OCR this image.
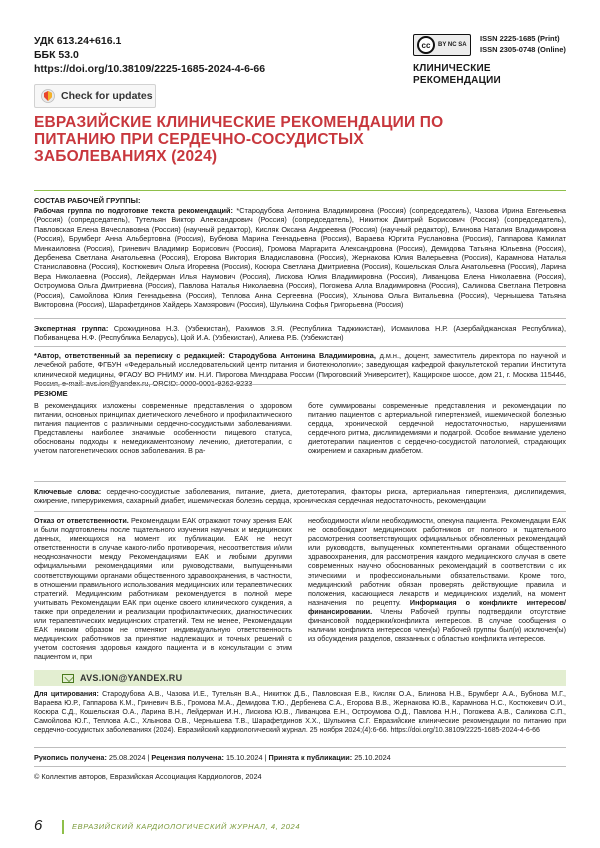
УДК 613.24+616.1
ББК 53.0
https://doi.org/10.38109/2225-1685-2024-4-6-66
Check for updates
cc	BY NC SA
ISSN 2225-1685 (Print)
ISSN 2305-0748 (Online)
КЛИНИЧЕСКИЕ
РЕКОМЕНДАЦИИ
ЕВРАЗИЙСКИЕ КЛИНИЧЕСКИЕ РЕКОМЕНДАЦИИ ПО ПИТАНИЮ ПРИ СЕРДЕЧНО-СОСУДИСТЫХ ЗАБОЛЕВАНИЯХ (2024)
СОСТАВ РАБОЧЕЙ ГРУППЫ:
Рабочая группа по подготовке текста рекомендаций: *Стародубова Антонина Владимировна (Россия) (сопредседатель), Чазова Ирина Евгеньевна (Россия) (сопредседатель), Тутельян Виктор Александрович (Россия) (сопредседатель), Никитюк Дмитрий Борисович (Россия) (сопредседатель), Павловская Елена Вячеславовна (Россия) (научный редактор), Кисляк Оксана Андреевна (Россия) (научный редактор), Блинова Наталия Владимировна (Россия), Брумберг Анна Альбертовна (Россия), Бубнова Марина Геннадьевна (Россия), Вараева Юргита Руслановна (Россия), Гаппарова Камилат Минкаиловна (Россия), Гриневич Владимир Борисович (Россия), Громова Маргарита Александровна (Россия), Демидова Татьяна Юльевна (Россия), Дербенева Светлана Анатольевна (Россия), Егорова Виктория Владиславовна (Россия), Жернакова Юлия Валерьевна (Россия), Карамнова Наталья Станиславовна (Россия), Костюкевич Ольга Игоревна (Россия), Косюра Светлана Дмитриевна (Россия), Кошельская Ольга Анатольевна (Россия), Ларина Вера Николаевна (Россия), Лейдерман Илья Наумович (Россия), Лискова Юлия Владимировна (Россия), Ливанцова Елена Николаевна (Россия), Остроумова Ольга Дмитриевна (Россия), Павлова Наталья Николаевна (Россия), Погожева Алла Владимировна (Россия), Саликова Светлана Петровна (Россия), Самойлова Юлия Геннадьевна (Россия), Теплова Анна Сергеевна (Россия), Хлынова Ольга Витальевна (Россия), Чернышева Татьяна Викторовна (Россия), Шарафетдинов Хайдерь Хамзярович (Россия), Шулькина Софья Григорьевна (Россия)
Экспертная группа: Срожидинова Н.З. (Узбекистан), Рахимов З.Я. (Республика Таджикистан), Исмаилова Н.Р. (Азербайджанская Республика), Побиванцева Н.Ф. (Республика Беларусь), Цой И.А. (Узбекистан), Алиева Р.Б. (Узбекистан)
*Автор, ответственный за переписку с редакцией: Стародубова Антонина Владимировна, д.м.н., доцент, заместитель директора по научной и лечебной работе, ФГБУН «Федеральный исследовательский центр питания и биотехнологии»; заведующая кафедрой факультетской терапии Института клинической медицины, ФГАОУ ВО РНИМУ им. Н.И. Пирогова Минздрава России (Пироговский Университет), Кащирское шоссе, дом 21, г. Москва 115446, Россия, e-mail: avs.ion@yandex.ru, ORCID: 0000-0001-9262-9233
РЕЗЮМЕ
В рекомендациях изложены современные представления о здоровом питании, основных принципах диетического лечебного и профилактического питания пациентов с различными сердечно-сосудистыми заболеваниями. Представлены наиболее значимые особенности пищевого статуса, обоснованы подходы к немедикаментозному лечению, диетотерапии, с учетом патогенетических основ заболевания. В ра-
боте суммированы современные представления и рекомендации по питанию пациентов с артериальной гипертензией, ишемической болезнью сердца, хронической сердечной недостаточностью, нарушениями сердечного ритма, дислипидемиями и подагрой. Особое внимание уделено диетотерапии пациентов с сердечно-сосудистой патологией, страдающих ожирением и сахарным диабетом.
Ключевые слова: сердечно-сосудистые заболевания, питание, диета, диетотерапия, факторы риска, артериальная гипертензия, дислипидемия, ожирение, гиперурикемия, сахарный диабет, ишемическая болезнь сердца, хроническая сердечная недостаточность, рекомендации
Отказ от ответственности. Рекомендации ЕАК отражают точку зрения ЕАК и были подготовлены после тщательного изучения научных и медицинских данных, имеющихся на момент их публикации. ЕАК не несут ответственности в случае какого-либо противоречия, несоответствия и/или неоднозначности между Рекомендациями ЕАК и любыми другими официальными рекомендациями или руководствами, выпущенными соответствующими органами общественного здравоохранения, в частности, в отношении правильного использования медицинских или терапевтических стратегий. Медицинским работникам рекомендуется в полной мере учитывать Рекомендации ЕАК при оценке своего клинического суждения, а также при определении и реализации профилактических, диагностических или терапевтических медицинских стратегий. Тем не менее, Рекомендации ЕАК никоим образом не отменяют индивидуальную ответственность медицинских работников за принятие надлежащих и точных решений с учетом состояния здоровья каждого пациента и в консультации с этим пациентом и, при
необходимости и/или необходимости, опекуна пациента. Рекомендации ЕАК не освобождают медицинских работников от полного и тщательного рассмотрения соответствующих официальных обновленных рекомендаций или руководств, выпущенных компетентными органами общественного здравоохранения, для рассмотрения каждого медицинского случая в свете современных научно обоснованных рекомендаций в соответствии с их этическими и профессиональными обязательствами. Кроме того, медицинский работник обязан проверять действующие правила и положения, касающиеся лекарств и медицинских изделий, на момент назначения по рецепту. Информация о конфликте интересов/финансировании. Члены Рабочей группы подтвердили отсутствие финансовой поддержки/конфликта интересов. В случае сообщения о наличии конфликта интересов член(ы) Рабочей группы был(и) исключен(ы) из обсуждения разделов, связанных с областью конфликта интересов.
AVS.ION@YANDEX.RU
Для цитирования: Стародубова А.В., Чазова И.Е., Тутельян В.А., Никитюк Д.Б., Павловская Е.В., Кисляк О.А., Блинова Н.В., Брумберг А.А., Бубнова М.Г., Вараева Ю.Р., Гаппарова К.М., Гриневич В.Б., Громова М.А., Демидова Т.Ю., Дербенева С.А., Егорова В.В., Жернакова Ю.В., Карамнова Н.С., Костюкевич О.И., Косюра С.Д., Кошельская О.А., Ларина В.Н., Лейдерман И.Н., Лискова Ю.В., Ливанцова Е.Н., Остроумова О.Д., Павлова Н.Н., Погожева А.В., Саликова С.П., Самойлова Ю.Г., Теплова А.С., Хлынова О.В., Чернышева Т.В., Шарафетдинов Х.Х., Шулькина С.Г. Евразийские клинические рекомендации по питанию при сердечно-сосудистых заболеваниях (2024). Евразийский кардиологический журнал. 25 ноября 2024;(4):6-66. https://doi.org/10.38109/2225-1685-2024-4-6-66
Рукопись получена: 25.08.2024 | Рецензия получена: 15.10.2024 | Принята к публикации: 25.10.2024
© Коллектив авторов, Евразийская Ассоциация Кардиологов, 2024
6	ЕВРАЗИЙСКИЙ КАРДИОЛОГИЧЕСКИЙ ЖУРНАЛ, 4, 2024
